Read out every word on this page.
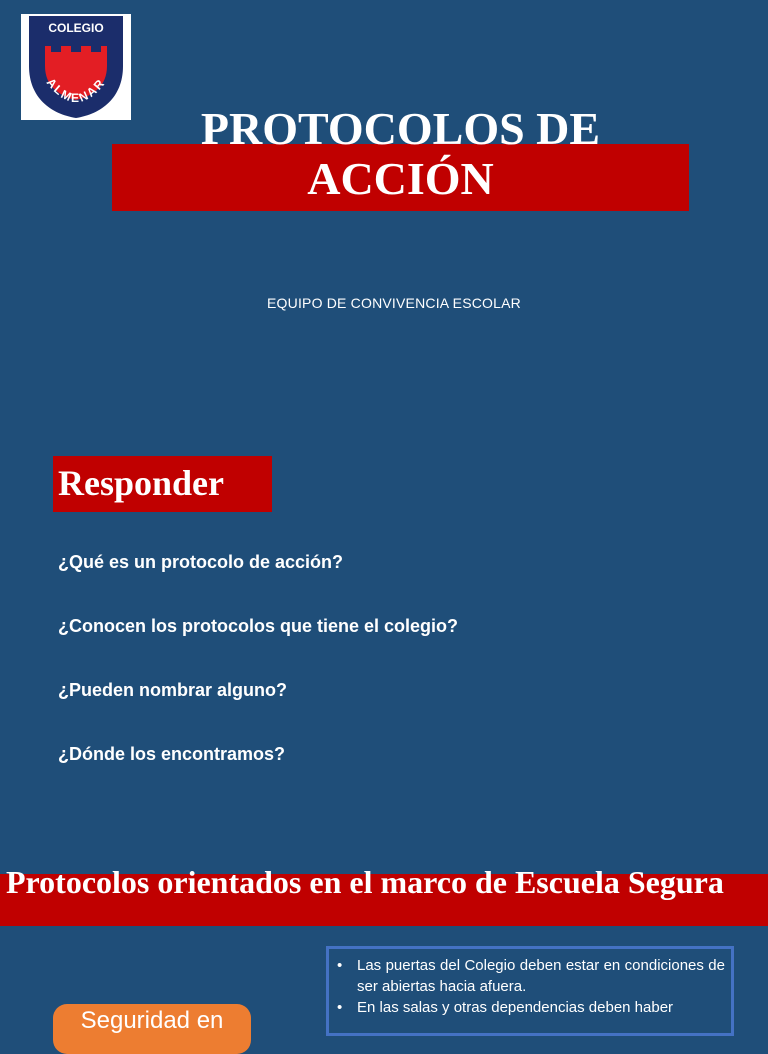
COLEGIO
ALMENAR
PROTOCOLOS DE
ACCIÓN
EQUIPO DE CONVIVENCIA ESCOLAR
Responder
¿Qué es un protocolo de acción?
¿Conocen los protocolos que tiene el colegio?
¿Pueden nombrar alguno?
¿Dónde los encontramos?
Protocolos orientados en el marco de Escuela Segura
• Las puertas del Colegio deben estar en condiciones de ser abiertas hacia afuera.
• En las salas y otras dependencias deben haber
Seguridad en
